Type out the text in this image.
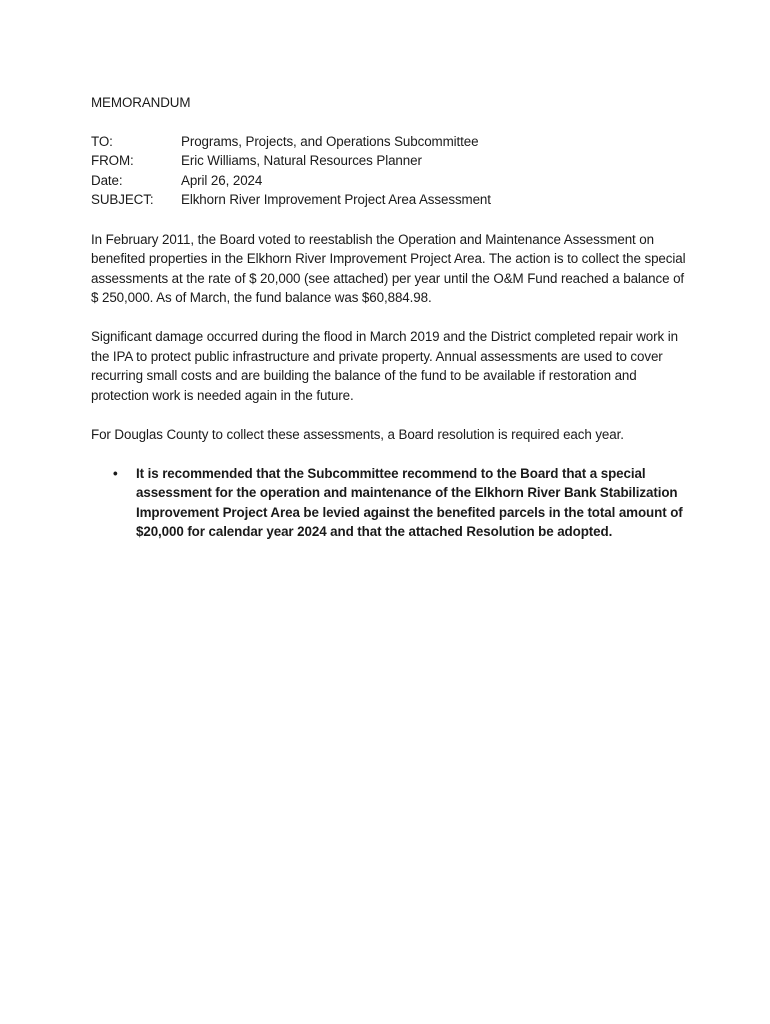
MEMORANDUM
TO:	Programs, Projects, and Operations Subcommittee
FROM:	Eric Williams, Natural Resources Planner
Date:	April 26, 2024
SUBJECT:	Elkhorn River Improvement Project Area Assessment

In February 2011, the Board voted to reestablish the Operation and Maintenance Assessment on benefited properties in the Elkhorn River Improvement Project Area. The action is to collect the special assessments at the rate of $ 20,000 (see attached) per year until the O&M Fund reached a balance of $ 250,000. As of March, the fund balance was $60,884.98.

Significant damage occurred during the flood in March 2019 and the District completed repair work in the IPA to protect public infrastructure and private property. Annual assessments are used to cover recurring small costs and are building the balance of the fund to be available if restoration and protection work is needed again in the future.

For Douglas County to collect these assessments, a Board resolution is required each year.

• It is recommended that the Subcommittee recommend to the Board that a special assessment for the operation and maintenance of the Elkhorn River Bank Stabilization Improvement Project Area be levied against the benefited parcels in the total amount of $20,000 for calendar year 2024 and that the attached Resolution be adopted.
